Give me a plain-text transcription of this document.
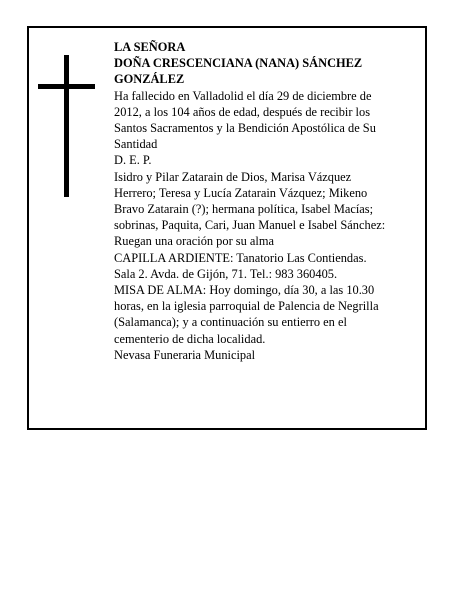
LA SEÑORA
DOÑA CRESCENCIANA (NANA) SÁNCHEZ
GONZÁLEZ
Ha fallecido en Valladolid el día 29 de diciembre de
2012, a los 104 años de edad, después de recibir los
Santos Sacramentos y la Bendición Apostólica de Su
Santidad
D. E. P.
Isidro y Pilar Zatarain de Dios, Marisa Vázquez
Herrero; Teresa y Lucía Zatarain Vázquez; Mikeno
Bravo Zatarain (?); hermana política, Isabel Macías;
sobrinas, Paquita, Cari, Juan Manuel e Isabel Sánchez:
Ruegan una oración por su alma
CAPILLA ARDIENTE: Tanatorio Las Contiendas.
Sala 2. Avda. de Gijón, 71. Tel.: 983 360405.
MISA DE ALMA: Hoy domingo, día 30, a las 10.30
horas, en la iglesia parroquial de Palencia de Negrilla
(Salamanca); y a continuación su entierro en el
cementerio de dicha localidad.
Nevasa Funeraria Municipal
